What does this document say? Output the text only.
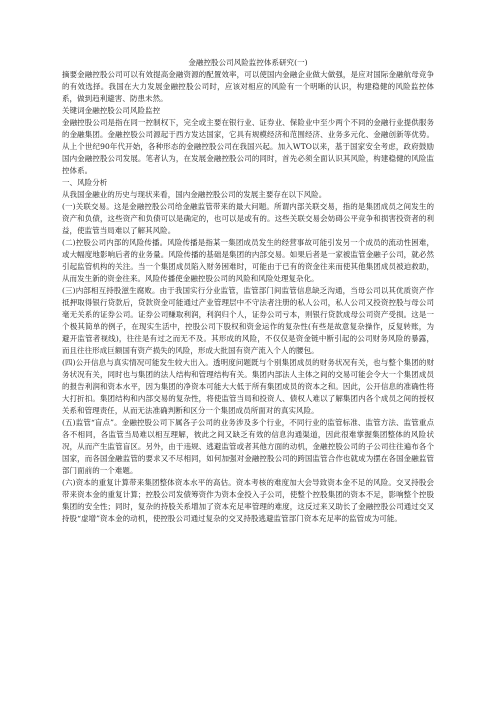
金融控股公司风险监控体系研究(一)

摘要金融控股公司可以有效提高金融资源的配置效率，可以使国内金融企业做大做强，是应对国际金融航母竞争的有效选择。我国在大力发展金融控股公司时，应该对相应的风险有一个明晰的认识，构建稳健的风险监控体系，做到趋利避害、防患未然。

关键词金融控股公司风险监控

金融控股公司是指在同一控制权下，完全或主要在银行业、证券业、保险业中至少两个不同的金融行业提供服务的金融集团。金融控股公司源起于西方发达国家，它具有规模经济和范围经济、业务多元化、金融创新等优势。从上个世纪90年代开始，各种形态的金融控股公司在我国兴起。加入WTO以来，基于国家安全考虑，政府鼓励国内金融控股公司发展。笔者认为，在发展金融控股公司的同时，首先必须全面认识其风险，构建稳健的风险监控体系。

一、风险分析

从我国金融业的历史与现状来看，国内金融控股公司的发展主要存在以下风险。

(一)关联交易。这是金融控股公司给金融监管带来的最大问题。所谓内部关联交易，指的是集团成员之间发生的资产和负债，这些资产和负债可以是确定的，也可以是或有的。这些关联交易会妨碍公平竞争和损害投资者的利益，使监管当局难以了解其风险。

(二)控股公司内部的风险传播。风险传播是指某一集团成员发生的经营事故可能引发另一个成员的流动性困难，或大幅度地影响后者的业务量。风险传播的基础是集团的内部交易。如果后者是一家被监管金融子公司，就必然引起监管机构的关注。当一个集团成员陷入财务困难时，可能由于已有的资金往来而使其他集团成员被迫救助，从而发生新的资金往来。风险传播使金融控股公司的风险和风险处理复杂化。

(三)内部相互持股滋生腐败。由于我国实行分业监管，监管部门间监管信息缺乏沟通，当母公司以其优质资产作抵押取得银行贷款后，贷款资金可能通过产业管理层中不守法者注册的私人公司，私人公司又投资控股与母公司毫无关系的证券公司。证券公司赚取利润，利润归个人，证券公司亏本，则银行贷款成母公司资产受损。这是一个极其简单的例子，在现实生活中，控股公司下股权和资金运作的复杂性(有些是故意复杂操作，反复转账，为避开监管者视线)，往往是有过之而无不及。其形成的风险，不仅仅是资金链中断引起的公司财务风险的暴露，而且往往形成巨额国有资产损失的风险，形成大批国有资产流入个人的腰包。

(四)公开信息与真实情况可能发生较大出入。透明度问题既与个别集团成员的财务状况有关，也与整个集团的财务状况有关，同时也与集团的法人结构和管理结构有关。集团内部法人主体之间的交易可能会令大一个集团成员的报告利润和资本水平，因为集团的净资本可能大大低于所有集团成员的资本之和。因此，公开信息的准确性将大打折扣。集团结构和内部交易的复杂性，将使监管当局和投资人、债权人难以了解集团内各个成员之间的授权关系和管理责任，从而无法准确判断和区分一个集团成员所面对的真实风险。

(五)监管“盲点”。金融控股公司下属各子公司的业务涉及多个行业，不同行业的监管标准、监管方法、监管重点各不相同，各监管当局难以相互理解，彼此之间又缺乏有效的信息沟通渠道，因此很难掌握集团整体的风险状况，从而产生监管盲区。另外，由于违规、逃避监管或者其他方面的动机，金融控股公司的子公司往往遍布各个国家，而各国金融监管的要求又不尽相同，如何加强对金融控股公司的跨国监管合作也就成为摆在各国金融监管部门面前的一个难题。

(六)资本的重复计算带来集团整体资本水平的高估。资本考核的难度加大会导致资本金不足的风险。交叉持股会带来资本金的重复计算；控股公司发债筹资作为资本金投入子公司，使整个控股集团的资本不足，影响整个控股集团的安全性；同时，复杂的持股关系增加了资本充足率管理的难度，这反过来又助长了金融控股公司通过交叉持股“虚增”资本金的动机，使控股公司通过复杂的交叉持股逃避监管部门资本充足率的监管成为可能。
